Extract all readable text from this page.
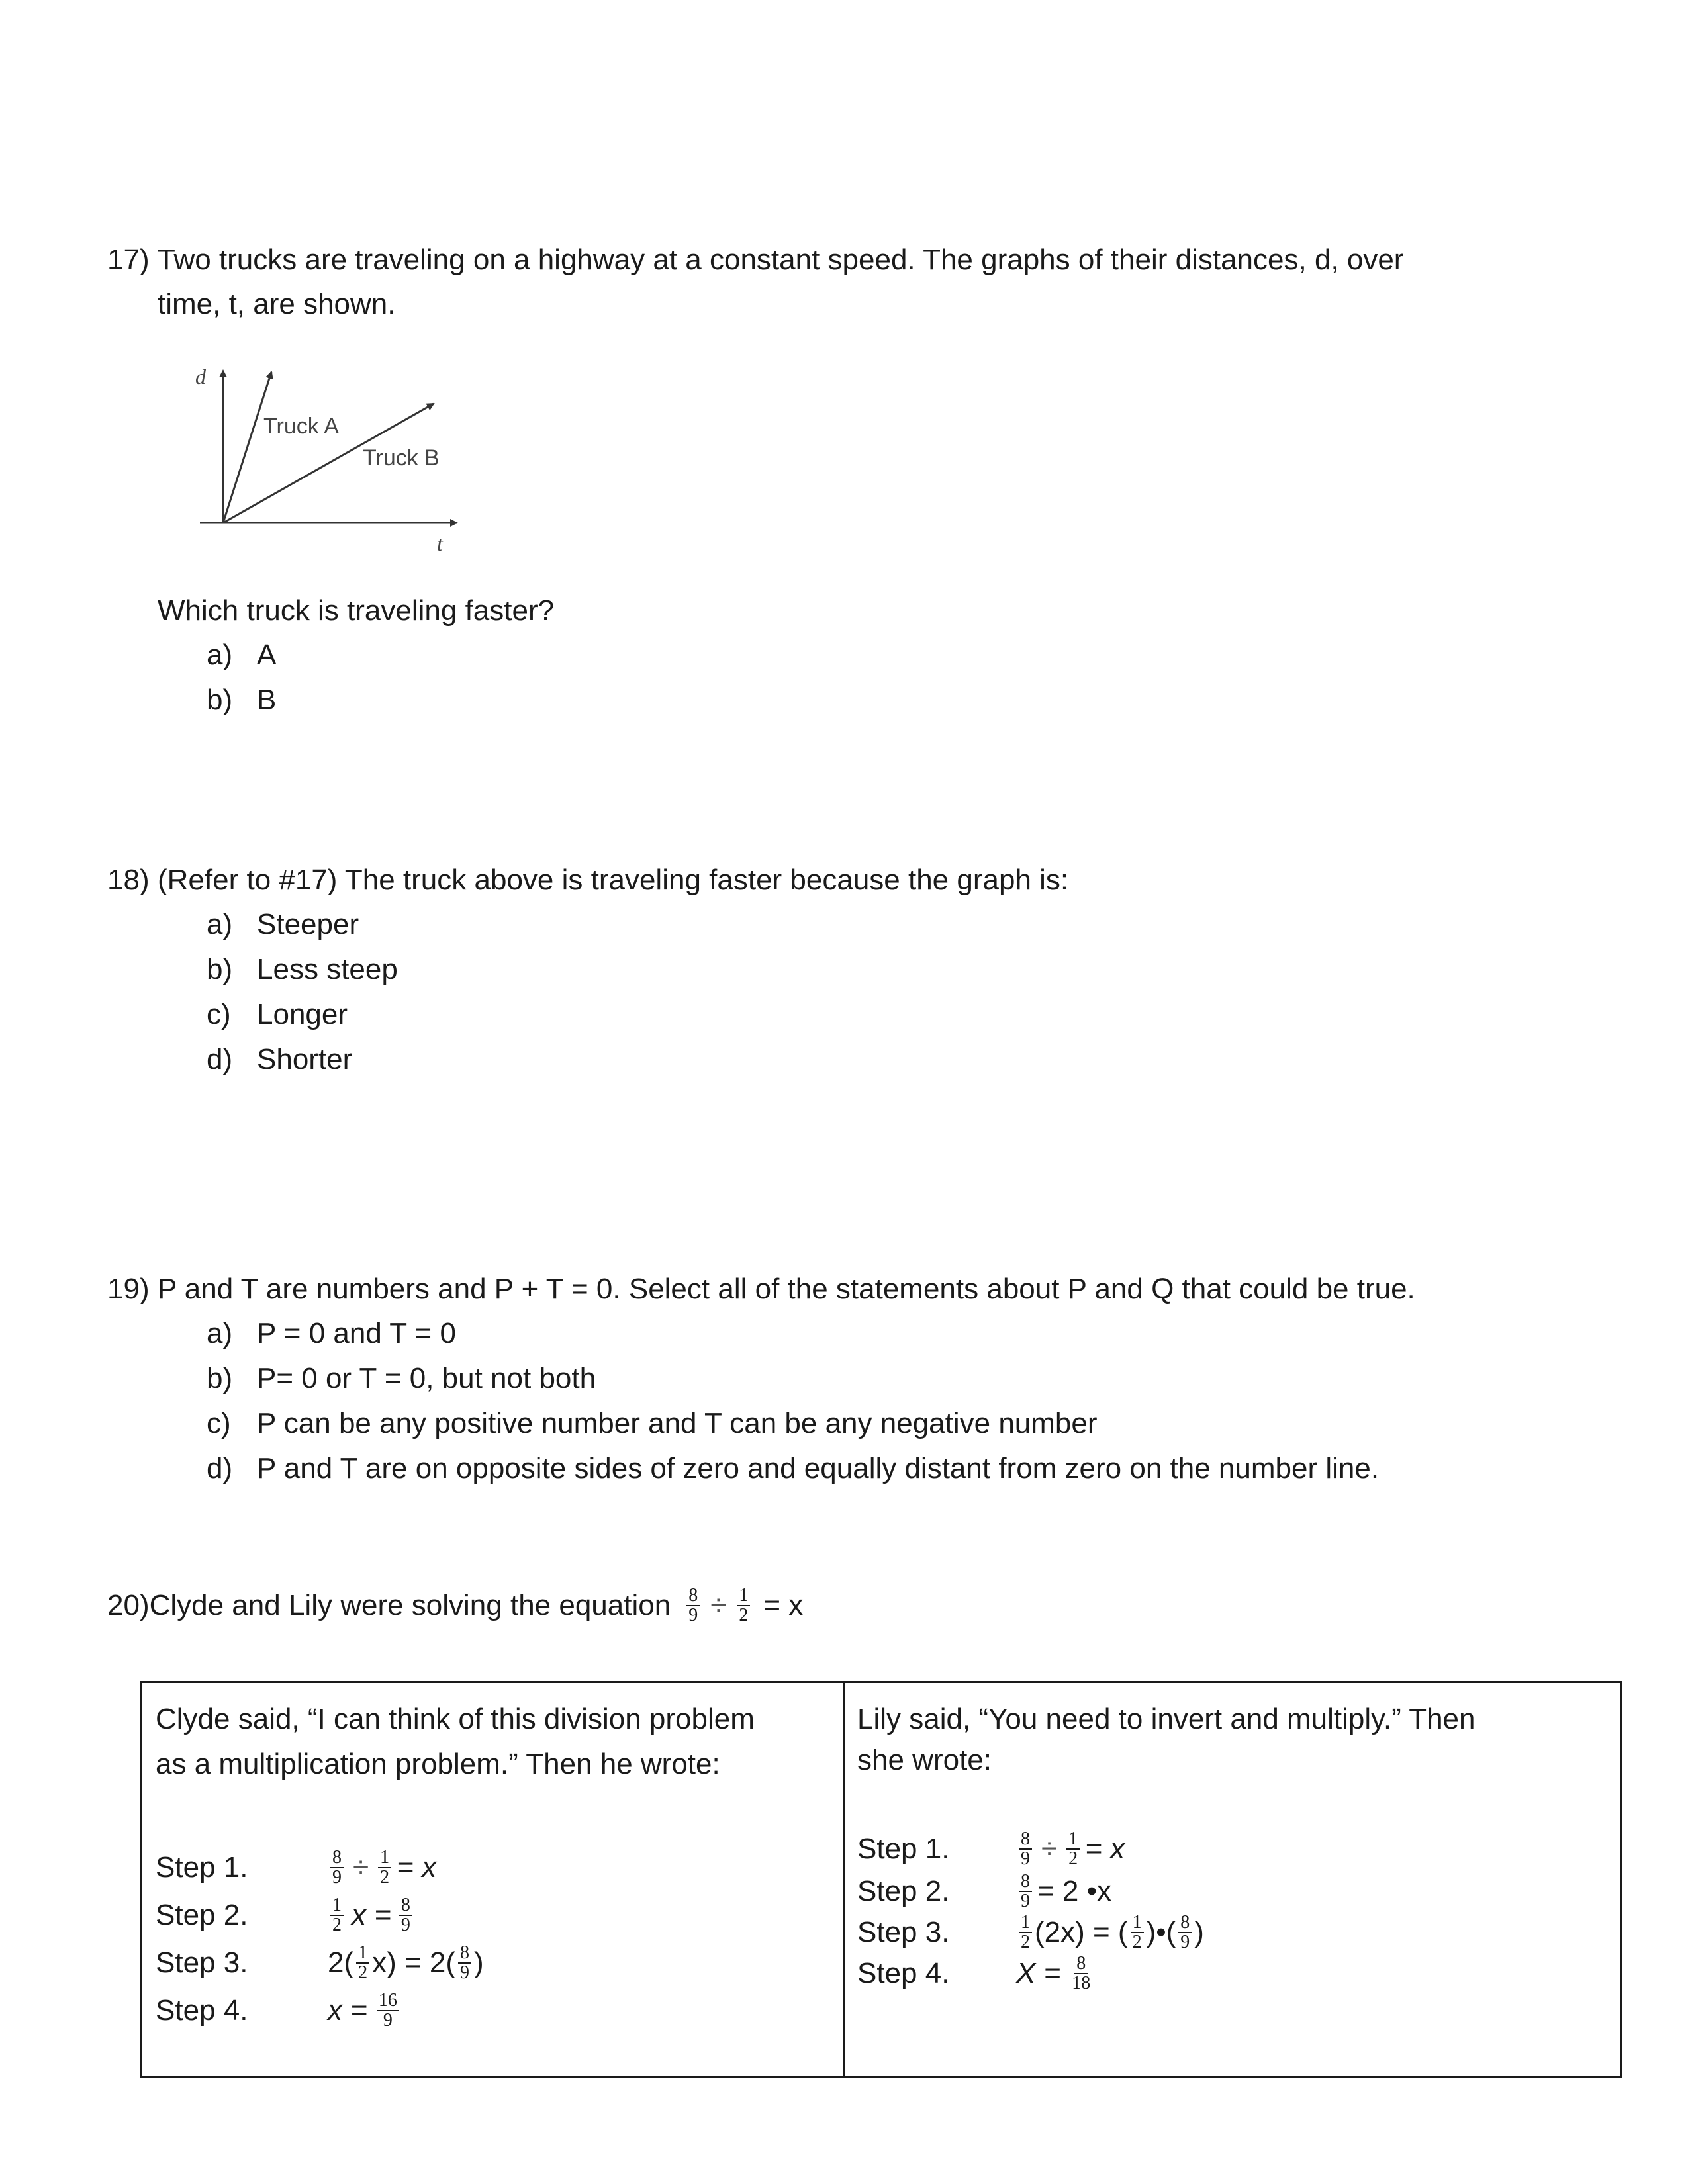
17) Two trucks are traveling on a highway at a constant speed. The graphs of their distances, d, over
time, t, are shown.
d
t
Truck A
Truck B
Which truck is traveling faster?
a) A
b) B
18) (Refer to #17) The truck above is traveling faster because the graph is:
a) Steeper
b) Less steep
c) Longer
d) Shorter
19) P and T are numbers and P + T = 0. Select all of the statements about P and Q that could be true.
a) P = 0 and T = 0
b) P= 0 or T = 0, but not both
c) P can be any positive number and T can be any negative number
d) P and T are on opposite sides of zero and equally distant from zero on the number line.
20)Clyde and Lily were solving the equation $\frac{8}{9} \div \frac{1}{2} = x$
Clyde said, “I can think of this division problem
as a multiplication problem.” Then he wrote:
Step 1.	$\frac{8}{9} \div \frac{1}{2} = x$
Step 2.	$\frac{1}{2}$ $x = \frac{8}{9}$
Step 3.	$2( \frac{1}{2} x) = 2( \frac{8}{9}$ )
Step 4.	$x = \frac{16}{9}$
Lily said, “You need to invert and multiply.” Then
she wrote:
Step 1.	$\frac{8}{9} \div \frac{1}{2} = x$
Step 2.	$\frac{8}{9} = 2$ •x
Step 3.	$\frac{1}{2} (2x)$ = ( $\frac{1}{2}$ )•( $\frac{8}{9}$ )
Step 4.	$X = \frac{8}{18}$
